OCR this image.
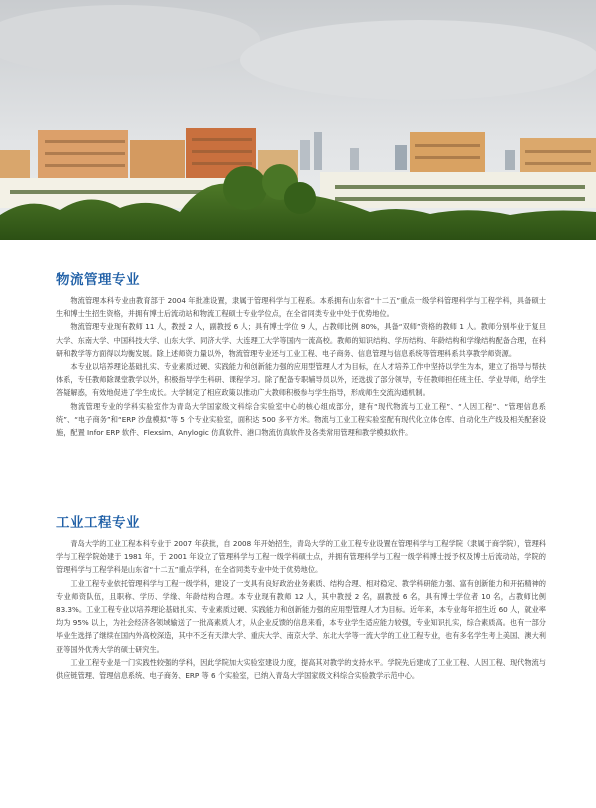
物流管理专业

物流管理本科专业由教育部于 2004 年批准设置，隶属于管理科学与工程系。本系拥有山东省“十二五”重点一级学科管理科学与工程学科，具备硕士生和博士生招生资格，并拥有博士后流动站和物流工程硕士专业学位点，在全省同类专业中处于优势地位。

物流管理专业现有教师 11 人，教授 2 人，副教授 6 人；具有博士学位 9 人，占教师比例 80%，具备“双师”资格的教师 1 人。教师分别毕业于复旦大学、东南大学、中国科技大学、山东大学、同济大学、大连理工大学等国内一流高校。教师的知识结构、学历结构、年龄结构和学缘结构配备合理，在科研和教学等方面得以均衡发展。除上述师资力量以外，物流管理专业还与工业工程、电子商务、信息管理与信息系统等管理科系共享教学师资源。

本专业以培养理论基础扎实、专业素质过硬、实践能力和创新能力强的应用型管理人才为目标，在人才培养工作中坚持以学生为本，建立了指导与帮扶体系，专任教师除课堂教学以外，积极指导学生科研、课程学习。除了配备专职辅导员以外，还选拔了部分领导，专任教师担任班主任、学业导师，给学生答疑解惑，有效地促进了学生成长。大学制定了相应政策以推动广大教师积极参与学生指导，形成师生交流沟通机制。

物流管理专业的学科实验室作为青岛大学国家级文科综合实验室中心的核心组成部分，建有“现代物流与工业工程”、“人因工程”、“管理信息系统”、“电子商务”和“ERP 沙盘模拟”等 5 个专业实验室，面积达 500 多平方米。物流与工业工程实验室配有现代化立体仓库、自动化生产线及相关配套设施，配置 Infor ERP 软件、Flexsim、Anylogic 仿真软件、港口物流仿真软件及各类常用管理和教学模拟软件。

工业工程专业

青岛大学的工业工程本科专业于 2007 年获批，自 2008 年开始招生，青岛大学的工业工程专业设置在管理科学与工程学院（隶属于商学院），管理科学与工程学院始建于 1981 年，于 2001 年设立了管理科学与工程一级学科硕士点，并拥有管理科学与工程一级学科博士授予权及博士后流动站，学院的管理科学与工程学科是山东省“十二五”重点学科，在全省同类专业中处于优势地位。

工业工程专业依托管理科学与工程一级学科，建设了一支具有良好政治业务素质、结构合理、相对稳定、教学科研能力强、富有创新能力和开拓精神的专业师资队伍，且职称、学历、学缘、年龄结构合理。本专业现有教师 12 人，其中教授 2 名，副教授 6 名，具有博士学位者 10 名，占教师比例 83.3%。工业工程专业以培养理论基础扎实、专业素质过硬、实践能力和创新能力强的应用型管理人才为目标。近年来，本专业每年招生近 60 人，就业率均为 95% 以上，为社会经济各领域输送了一批高素质人才，从企业反馈的信息来看，本专业学生适应能力较强，专业知识扎实，综合素质高。也有一部分毕业生选择了继续在国内外高校深造，其中不乏有天津大学、重庆大学、南京大学、东北大学等一流大学的工业工程专业，也有多名学生考上美国、澳大利亚等国外优秀大学的硕士研究生。

工业工程专业是一门实践性较强的学科，因此学院加大实验室建设力度，提高其对教学的支持水平。学院先后建成了工业工程、人因工程、现代物流与供应链管理、管理信息系统、电子商务、ERP 等 6 个实验室，已纳入青岛大学国家级文科综合实验教学示范中心。
